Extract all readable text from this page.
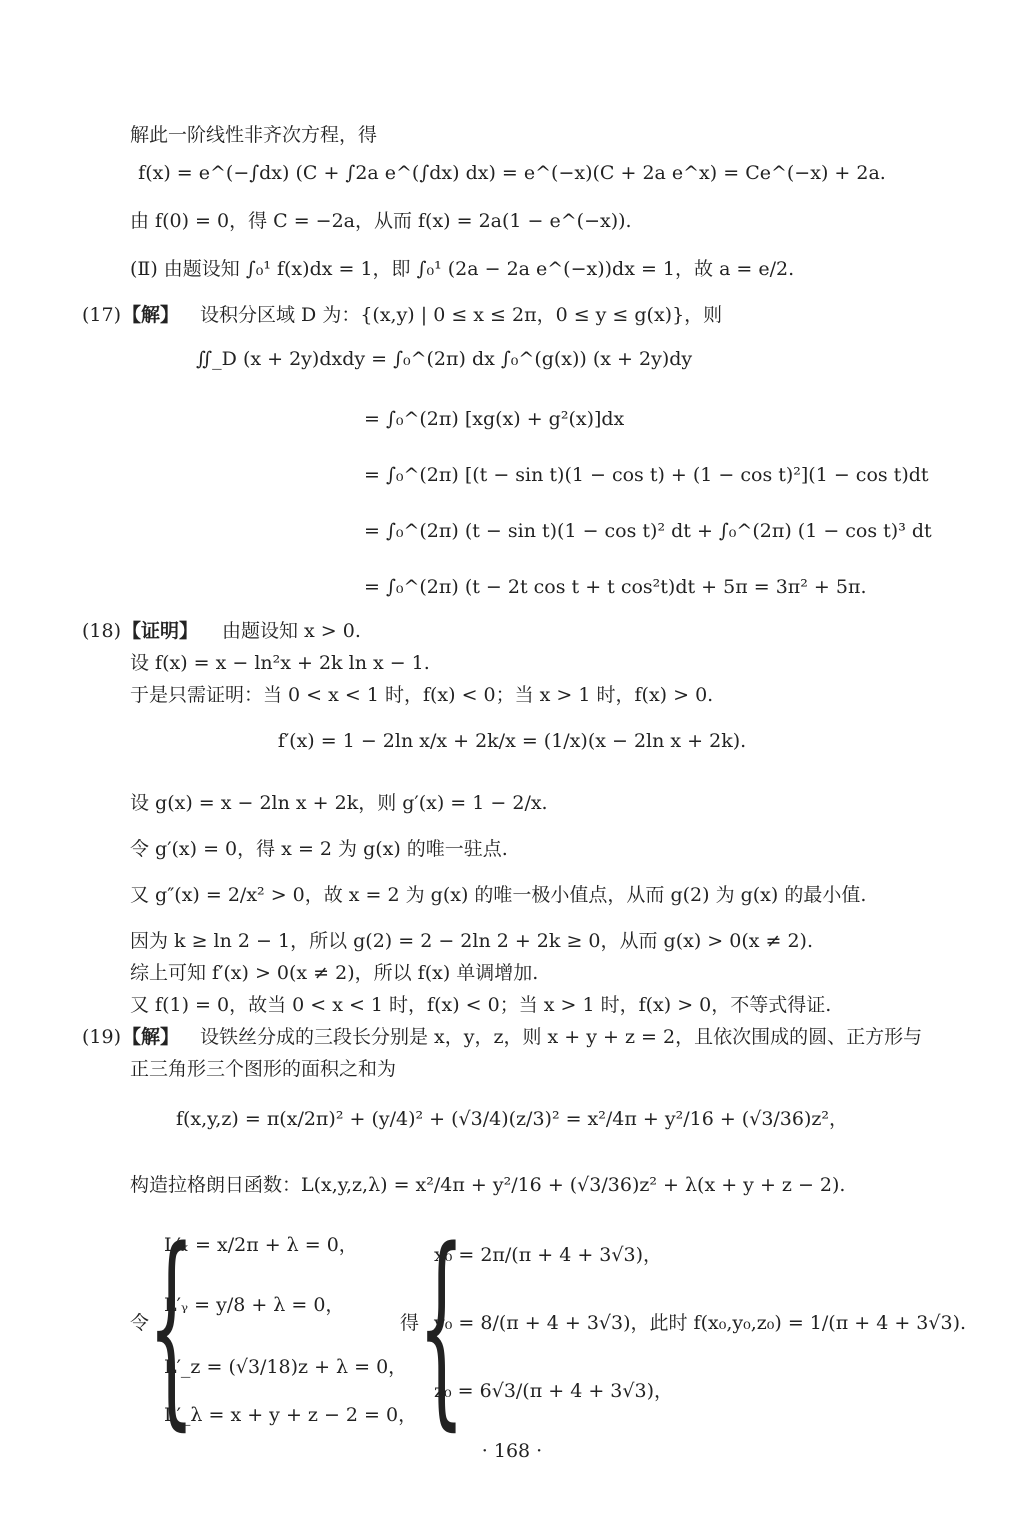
解此一阶线性非齐次方程，得
f(x) = e^(−∫dx) (C + ∫2a e^(∫dx) dx) = e^(−x)(C + 2a e^x) = Ce^(−x) + 2a.
由 f(0) = 0，得 C = −2a，从而 f(x) = 2a(1 − e^(−x)).
(Ⅱ) 由题设知 ∫₀¹ f(x)dx = 1，即 ∫₀¹ (2a − 2a e^(−x))dx = 1，故 a = e/2.
(17) 【解】 设积分区域 D 为：{(x,y) | 0 ≤ x ≤ 2π，0 ≤ y ≤ g(x)}，则
∬_D (x + 2y)dxdy = ∫₀^(2π) dx ∫₀^(g(x)) (x + 2y)dy
= ∫₀^(2π) [xg(x) + g²(x)]dx
= ∫₀^(2π) [(t − sin t)(1 − cos t) + (1 − cos t)²](1 − cos t)dt
= ∫₀^(2π) (t − sin t)(1 − cos t)² dt + ∫₀^(2π) (1 − cos t)³ dt
= ∫₀^(2π) (t − 2t cos t + t cos²t)dt + 5π = 3π² + 5π.
(18) 【证明】 由题设知 x > 0.
设 f(x) = x − ln²x + 2k ln x − 1.
于是只需证明：当 0 < x < 1 时，f(x) < 0；当 x > 1 时，f(x) > 0.
f′(x) = 1 − 2ln x/x + 2k/x = (1/x)(x − 2ln x + 2k).
设 g(x) = x − 2ln x + 2k，则 g′(x) = 1 − 2/x.
令 g′(x) = 0，得 x = 2 为 g(x) 的唯一驻点.
又 g″(x) = 2/x² > 0，故 x = 2 为 g(x) 的唯一极小值点，从而 g(2) 为 g(x) 的最小值.
因为 k ≥ ln 2 − 1，所以 g(2) = 2 − 2ln 2 + 2k ≥ 0，从而 g(x) > 0(x ≠ 2).
综上可知 f′(x) > 0(x ≠ 2)，所以 f(x) 单调增加.
又 f(1) = 0，故当 0 < x < 1 时，f(x) < 0；当 x > 1 时，f(x) > 0，不等式得证.
(19) 【解】 设铁丝分成的三段长分别是 x，y，z，则 x + y + z = 2，且依次围成的圆、正方形与
正三角形三个图形的面积之和为
f(x,y,z) = π(x/2π)² + (y/4)² + (√3/4)(z/3)² = x²/4π + y²/16 + (√3/36)z²，
构造拉格朗日函数：L(x,y,z,λ) = x²/4π + y²/16 + (√3/36)z² + λ(x + y + z − 2).
令
{
L′ₓ = x/2π + λ = 0，
L′ᵧ = y/8 + λ = 0，
L′_z = (√3/18)z + λ = 0，
L′_λ = x + y + z − 2 = 0，
得
{
x₀ = 2π/(π + 4 + 3√3)，
y₀ = 8/(π + 4 + 3√3)，此时 f(x₀,y₀,z₀) = 1/(π + 4 + 3√3).
z₀ = 6√3/(π + 4 + 3√3)，
· 168 ·
